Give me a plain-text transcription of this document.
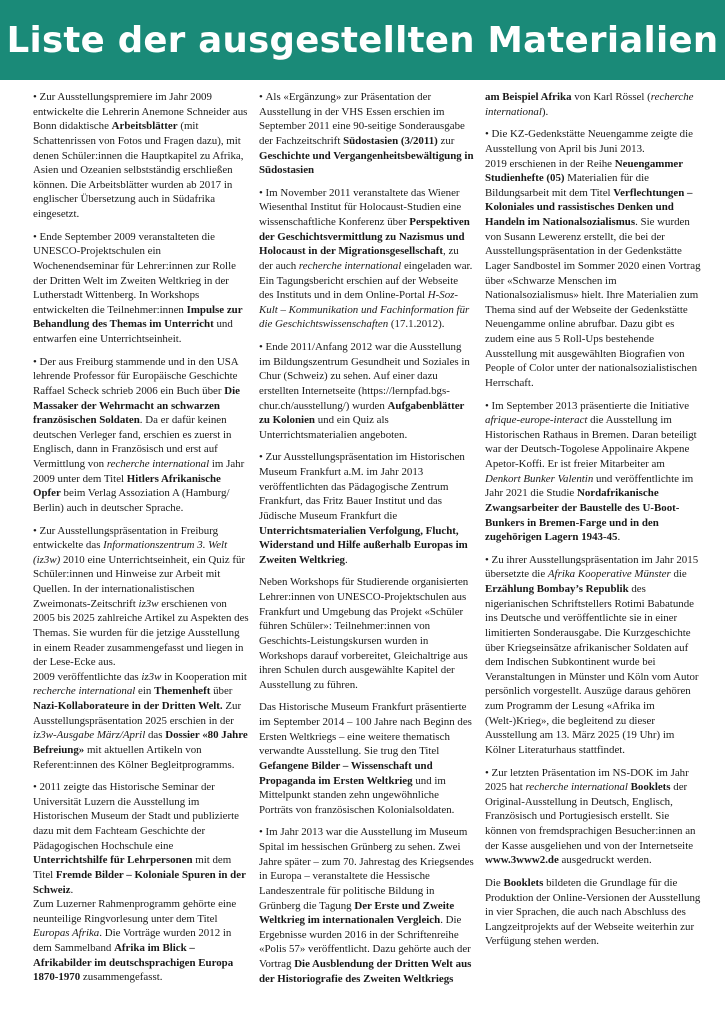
Liste der ausgestellten Materialien

• Zur Ausstellungspremiere im Jahr 2009 entwickelte die Lehrerin Anemone Schneider aus Bonn didaktische Arbeitsblätter (mit Schattenrissen von Fotos und Fragen dazu), mit denen Schüler:innen die Hauptkapitel zu Afrika, Asien und Ozeanien selbstständig erschließen können. Die Arbeitsblätter wurden ab 2017 in englischer Übersetzung auch in Südafrika eingesetzt.

• Ende September 2009 veranstalteten die UNESCO-Projektschulen ein Wochenendseminar für Lehrer:innen zur Rolle der Dritten Welt im Zweiten Weltkrieg in der Lutherstadt Wittenberg. In Workshops entwickelten die Teilnehmer:innen Impulse zur Behandlung des Themas im Unterricht und entwarfen eine Unterrichtseinheit.

• Der aus Freiburg stammende und in den USA lehrende Professor für Europäische Geschichte Raffael Scheck schrieb 2006 ein Buch über Die Massaker der Wehrmacht an schwarzen französischen Soldaten. Da er dafür keinen deutschen Verleger fand, erschien es zuerst in Englisch, dann in Französisch und erst auf Vermittlung von recherche international im Jahr 2009 unter dem Titel Hitlers Afrikanische Opfer beim Verlag Assoziation A (Hamburg/ Berlin) auch in deutscher Sprache.

• Zur Ausstellungspräsentation in Freiburg entwickelte das Informationszentrum 3. Welt (iz3w) 2010 eine Unterrichtseinheit, ein Quiz für Schüler:innen und Hinweise zur Arbeit mit Quellen. In der internationalistischen Zweimonats-Zeitschrift iz3w erschienen von 2005 bis 2025 zahlreiche Artikel zu Aspekten des Themas. Sie wurden für die jetzige Ausstellung in einem Reader zusammengefasst und liegen in der Lese-Ecke aus.

2009 veröffentlichte das iz3w in Kooperation mit recherche international ein Themenheft über Nazi-Kollaborateure in der Dritten Welt. Zur Ausstellungspräsentation 2025 erschien in der iz3w-Ausgabe März/April das Dossier «80 Jahre Befreiung» mit aktuellen Artikeln von Referent:innen des Kölner Begleitprogramms.

• 2011 zeigte das Historische Seminar der Universität Luzern die Ausstellung im Historischen Museum der Stadt und publizierte dazu mit dem Fachteam Geschichte der Pädagogischen Hochschule eine Unterrichtshilfe für Lehrpersonen mit dem Titel Fremde Bilder – Koloniale Spuren in der Schweiz.

Zum Luzerner Rahmenprogramm gehörte eine neunteilige Ringvorlesung unter dem Titel Europas Afrika. Die Vorträge wurden 2012 in dem Sammelband Afrika im Blick – Afrikabilder im deutschsprachigen Europa 1870-1970 zusammengefasst.

• Als «Ergänzung» zur Präsentation der Ausstellung in der VHS Essen erschien im September 2011 eine 90-seitige Sonderausgabe der Fachzeitschrift Südostasien (3/2011) zur Geschichte und Vergangenheitsbewältigung in Südostasien

• Im November 2011 veranstaltete das Wiener Wiesenthal Institut für Holocaust-Studien eine wissenschaftliche Konferenz über Perspektiven der Geschichtsvermittlung zu Nazismus und Holocaust in der Migrationsgesellschaft, zu der auch recherche international eingeladen war. Ein Tagungsbericht erschien auf der Webseite des Instituts und in dem Online-Portal H-Soz-Kult – Kommunikation und Fachinformation für die Geschichtswissenschaften (17.1.2012).

• Ende 2011/Anfang 2012 war die Ausstellung im Bildungszentrum Gesundheit und Soziales in Chur (Schweiz) zu sehen. Auf einer dazu erstellten Internetseite (https://lernpfad.bgs-chur.ch/ausstellung/) wurden Aufgabenblätter zu Kolonien und ein Quiz als Unterrichtsmaterialien angeboten.

• Zur Ausstellungspräsentation im Historischen Museum Frankfurt a.M. im Jahr 2013 veröffentlichten das Pädagogische Zentrum Frankfurt, das Fritz Bauer Institut und das Jüdische Museum Frankfurt die Unterrichtsmaterialien Verfolgung, Flucht, Widerstand und Hilfe außerhalb Europas im Zweiten Weltkrieg.

Neben Workshops für Studierende organisierten Lehrer:innen von UNESCO-Projektschulen aus Frankfurt und Umgebung das Projekt «Schüler führen Schüler»: Teilnehmer:innen von Geschichts-Leistungskursen wurden in Workshops darauf vorbereitet, Gleichaltrige aus ihren Schulen durch ausgewählte Kapitel der Ausstellung zu führen.

Das Historische Museum Frankfurt präsentierte im September 2014 – 100 Jahre nach Beginn des Ersten Weltkriegs – eine weitere thematisch verwandte Ausstellung. Sie trug den Titel Gefangene Bilder – Wissenschaft und Propaganda im Ersten Weltkrieg und im Mittelpunkt standen zehn ungewöhnliche Porträts von französischen Kolonialsoldaten.

• Im Jahr 2013 war die Ausstellung im Museum Spital im hessischen Grünberg zu sehen. Zwei Jahre später – zum 70. Jahrestag des Kriegsendes in Europa – veranstaltete die Hessische Landeszentrale für politische Bildung in Grünberg die Tagung Der Erste und Zweite Weltkrieg im internationalen Vergleich. Die Ergebnisse wurden 2016 in der Schriftenreihe «Polis 57» veröffentlicht. Dazu gehörte auch der Vortrag Die Ausblendung der Dritten Welt aus der Historiografie des Zweiten Weltkriegs

am Beispiel Afrika von Karl Rössel (recherche international).

• Die KZ-Gedenkstätte Neuengamme zeigte die Ausstellung von April bis Juni 2013.

2019 erschienen in der Reihe Neuengammer Studienhefte (05) Materialien für die Bildungsarbeit mit dem Titel Verflechtungen – Koloniales und rassistisches Denken und Handeln im Nationalsozialismus. Sie wurden von Susann Lewerenz erstellt, die bei der Ausstellungspräsentation in der Gedenkstätte Lager Sandbostel im Sommer 2020 einen Vortrag über «Schwarze Menschen im Nationalsozialismus» hielt. Ihre Materialien zum Thema sind auf der Webseite der Gedenkstätte Neuengamme online abrufbar. Dazu gibt es zudem eine aus 5 Roll-Ups bestehende Ausstellung mit ausgewählten Biografien von People of Color unter der nationalsozialistischen Herrschaft.

• Im September 2013 präsentierte die Initiative afrique-europe-interact die Ausstellung im Historischen Rathaus in Bremen. Daran beteiligt war der Deutsch-Togolese Appolinaire Akpene Apetor-Koffi. Er ist freier Mitarbeiter am Denkort Bunker Valentin und veröffentlichte im Jahr 2021 die Studie Nordafrikanische Zwangsarbeiter der Baustelle des U-Boot-Bunkers in Bremen-Farge und in den zugehörigen Lagern 1943-45.

• Zu ihrer Ausstellungspräsentation im Jahr 2015 übersetzte die Afrika Kooperative Münster die Erzählung Bombay’s Republik des nigerianischen Schriftstellers Rotimi Babatunde ins Deutsche und veröffentlichte sie in einer limitierten Sonderausgabe. Die Kurzgeschichte über Kriegseinsätze afrikanischer Soldaten auf dem Indischen Subkontinent wurde bei Veranstaltungen in Münster und Köln vom Autor persönlich vorgestellt. Auszüge daraus gehören zum Programm der Lesung «Afrika im (Welt-)Krieg», die begleitend zu dieser Ausstellung am 13. März 2025 (19 Uhr) im Kölner Literaturhaus stattfindet.

• Zur letzten Präsentation im NS-DOK im Jahr 2025 hat recherche international Booklets der Original-Ausstellung in Deutsch, Englisch, Französisch und Portugiesisch erstellt. Sie können von fremdsprachigen Besucher:innen an der Kasse ausgeliehen und von der Internetseite www.3www2.de ausgedruckt werden.

Die Booklets bildeten die Grundlage für die Produktion der Online-Versionen der Ausstellung in vier Sprachen, die auch nach Abschluss des Langzeitprojekts auf der Webseite weiterhin zur Verfügung stehen werden.
